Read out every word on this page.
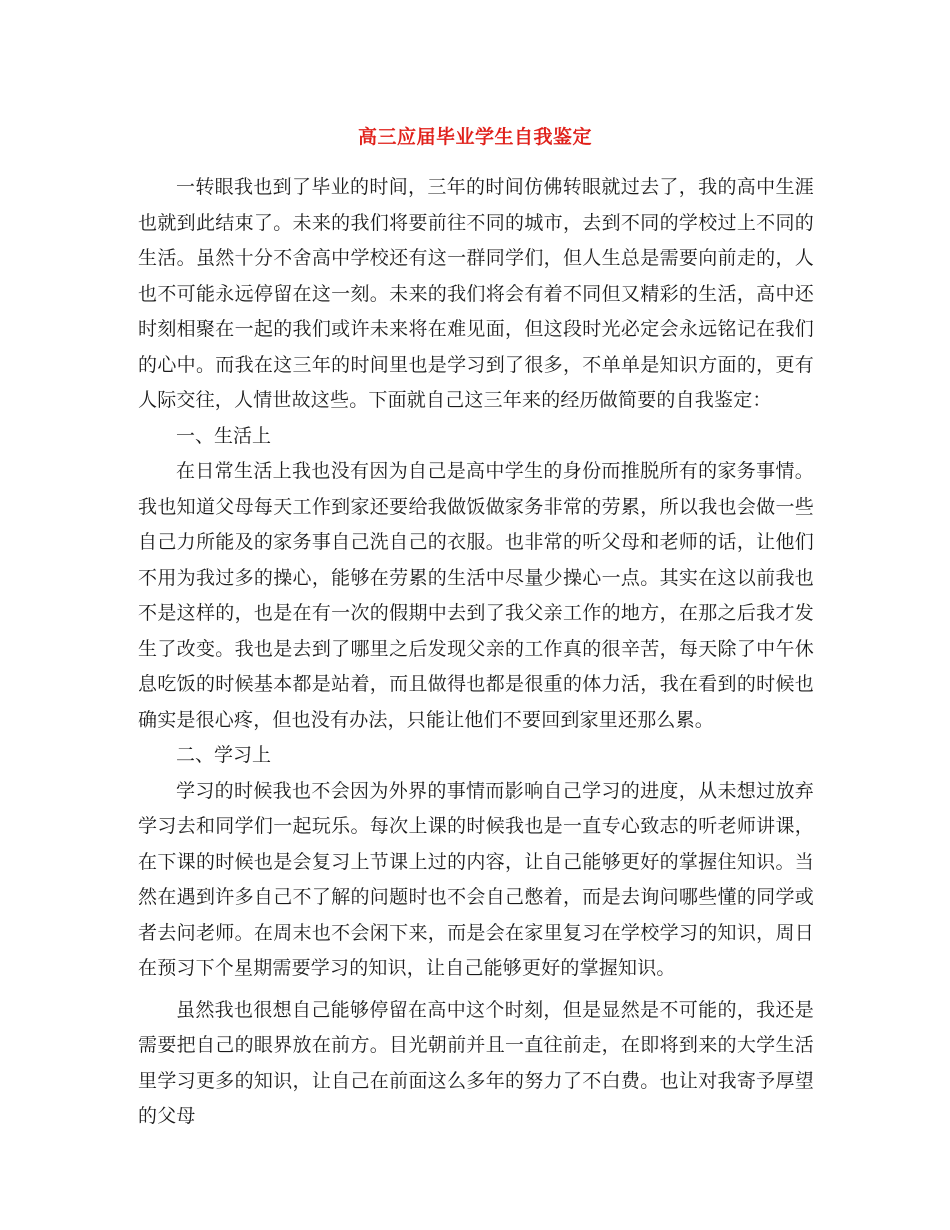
高三应届毕业学生自我鉴定

一转眼我也到了毕业的时间，三年的时间仿佛转眼就过去了，我的高中生涯也就到此结束了。未来的我们将要前往不同的城市，去到不同的学校过上不同的生活。虽然十分不舍高中学校还有这一群同学们，但人生总是需要向前走的，人也不可能永远停留在这一刻。未来的我们将会有着不同但又精彩的生活，高中还时刻相聚在一起的我们或许未来将在难见面，但这段时光必定会永远铭记在我们的心中。而我在这三年的时间里也是学习到了很多，不单单是知识方面的，更有人际交往，人情世故这些。下面就自己这三年来的经历做简要的自我鉴定：

一、生活上

在日常生活上我也没有因为自己是高中学生的身份而推脱所有的家务事情。我也知道父母每天工作到家还要给我做饭做家务非常的劳累，所以我也会做一些自己力所能及的家务事自己洗自己的衣服。也非常的听父母和老师的话，让他们不用为我过多的操心，能够在劳累的生活中尽量少操心一点。其实在这以前我也不是这样的，也是在有一次的假期中去到了我父亲工作的地方，在那之后我才发生了改变。我也是去到了哪里之后发现父亲的工作真的很辛苦，每天除了中午休息吃饭的时候基本都是站着，而且做得也都是很重的体力活，我在看到的时候也确实是很心疼，但也没有办法，只能让他们不要回到家里还那么累。

二、学习上

学习的时候我也不会因为外界的事情而影响自己学习的进度，从未想过放弃学习去和同学们一起玩乐。每次上课的时候我也是一直专心致志的听老师讲课，在下课的时候也是会复习上节课上过的内容，让自己能够更好的掌握住知识。当然在遇到许多自己不了解的问题时也不会自己憋着，而是去询问哪些懂的同学或者去问老师。在周末也不会闲下来，而是会在家里复习在学校学习的知识，周日在预习下个星期需要学习的知识，让自己能够更好的掌握知识。

虽然我也很想自己能够停留在高中这个时刻，但是显然是不可能的，我还是需要把自己的眼界放在前方。目光朝前并且一直往前走，在即将到来的大学生活里学习更多的知识，让自己在前面这么多年的努力了不白费。也让对我寄予厚望的父母
